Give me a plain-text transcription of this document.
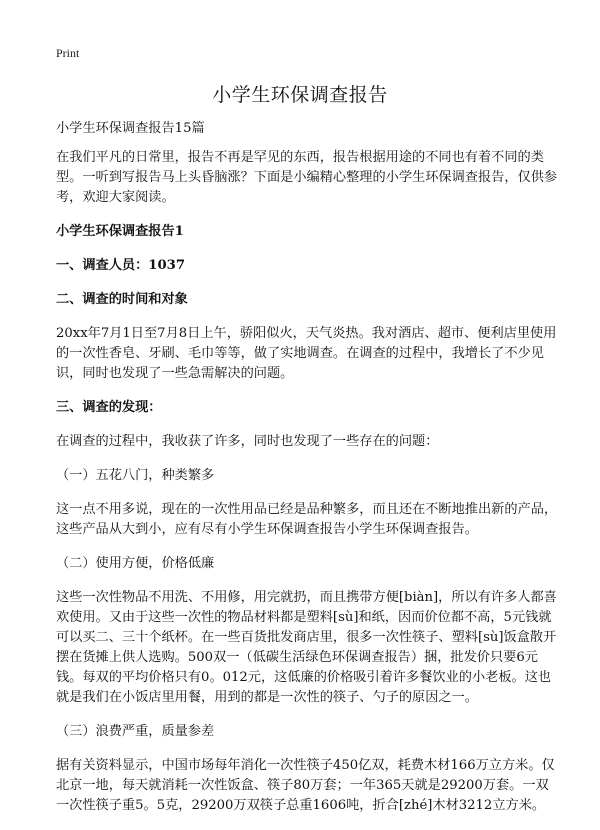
Print
小学生环保调查报告

小学生环保调查报告15篇

在我们平凡的日常里，报告不再是罕见的东西，报告根据用途的不同也有着不同的类型。一听到写报告马上头昏脑涨？下面是小编精心整理的小学生环保调查报告，仅供参考，欢迎大家阅读。

小学生环保调查报告1

一、调查人员：1037

二、调查的时间和对象

20xx年7月1日至7月8日上午，骄阳似火，天气炎热。我对酒店、超市、便利店里使用的一次性香皂、牙刷、毛巾等等，做了实地调查。在调查的过程中，我增长了不少见识，同时也发现了一些急需解决的问题。

三、调查的发现：

在调查的过程中，我收获了许多，同时也发现了一些存在的问题：

（一）五花八门，种类繁多

这一点不用多说，现在的一次性用品已经是品种繁多，而且还在不断地推出新的产品，这些产品从大到小，应有尽有小学生环保调查报告小学生环保调查报告。

（二）使用方便，价格低廉

这些一次性物品不用洗、不用修，用完就扔，而且携带方便[biàn]，所以有许多人都喜欢使用。又由于这些一次性的物品材料都是塑料[sù]和纸，因而价位都不高，5元钱就可以买二、三十个纸杯。在一些百货批发商店里，很多一次性筷子、塑料[sù]饭盒散开摆在货摊上供人选购。500双一（低碳生活绿色环保调查报告）捆，批发价只要6元钱。每双的平均价格只有0。012元，这低廉的价格吸引着许多餐饮业的小老板。这也就是我们在小饭店里用餐，用到的都是一次性的筷子、勺子的原因之一。

（三）浪费严重，质量参差

据有关资料显示，中国市场每年消化一次性筷子450亿双，耗费木材166万立方米。仅北京一地，每天就消耗一次性饭盒、筷子80万套；一年365天就是29200万套。一双一次性筷子重5。5克，29200万双筷子总重1606吨，折合[zhé]木材3212立方米。
